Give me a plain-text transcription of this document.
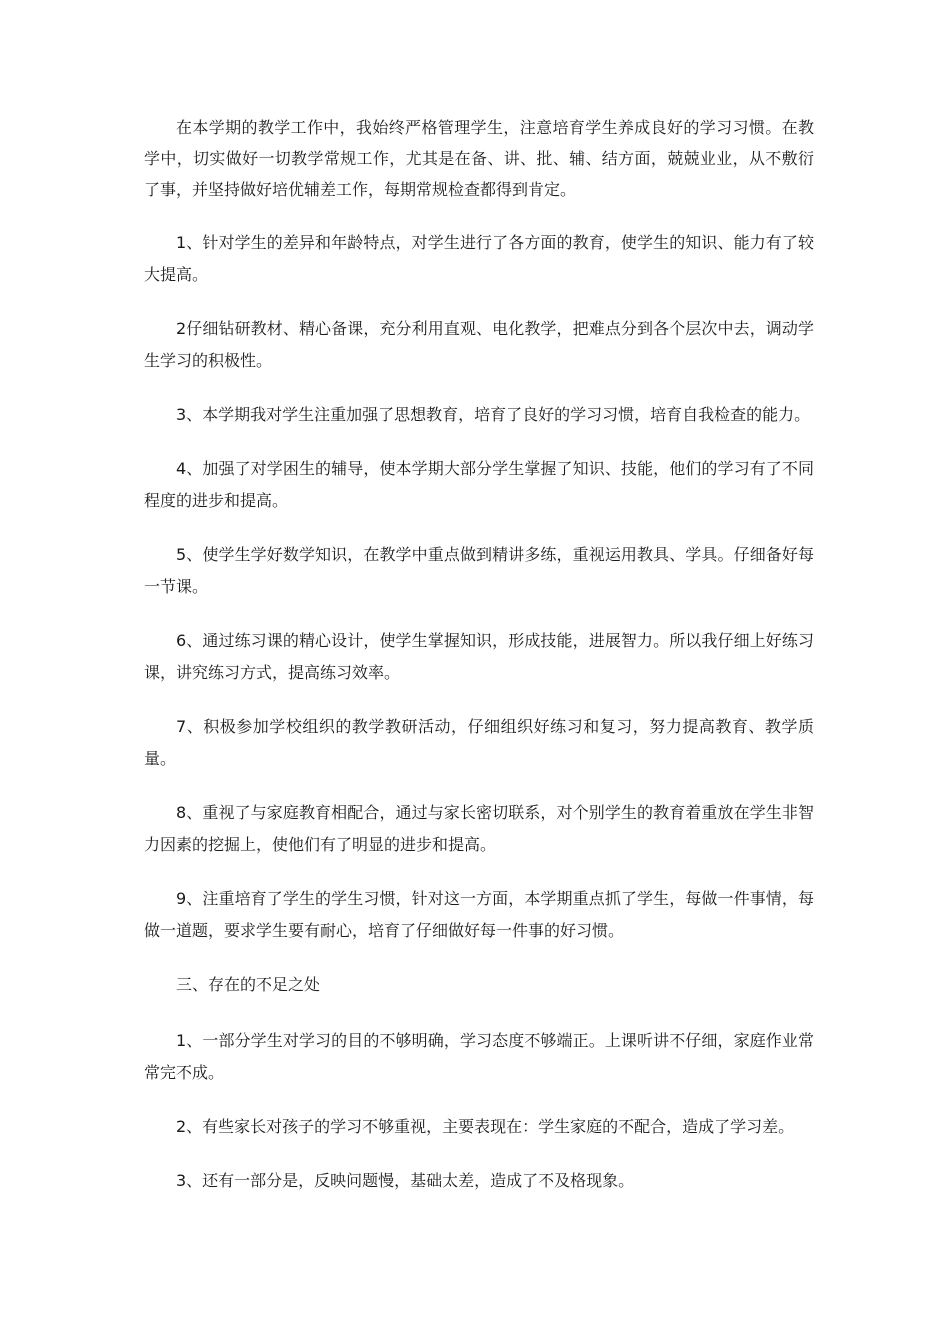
在本学期的教学工作中，我始终严格管理学生，注意培育学生养成良好的学习习惯。在教学中，切实做好一切教学常规工作，尤其是在备、讲、批、辅、结方面，兢兢业业，从不敷衍了事，并坚持做好培优辅差工作，每期常规检查都得到肯定。

1、针对学生的差异和年龄特点，对学生进行了各方面的教育，使学生的知识、能力有了较大提高。

2仔细钻研教材、精心备课，充分利用直观、电化教学，把难点分到各个层次中去，调动学生学习的积极性。

3、本学期我对学生注重加强了思想教育，培育了良好的学习习惯，培育自我检查的能力。

4、加强了对学困生的辅导，使本学期大部分学生掌握了知识、技能，他们的学习有了不同程度的进步和提高。

5、使学生学好数学知识，在教学中重点做到精讲多练，重视运用教具、学具。仔细备好每一节课。

6、通过练习课的精心设计，使学生掌握知识，形成技能，进展智力。所以我仔细上好练习课，讲究练习方式，提高练习效率。

7、积极参加学校组织的教学教研活动，仔细组织好练习和复习，努力提高教育、教学质量。

8、重视了与家庭教育相配合，通过与家长密切联系，对个别学生的教育着重放在学生非智力因素的挖掘上，使他们有了明显的进步和提高。

9、注重培育了学生的学生习惯，针对这一方面，本学期重点抓了学生，每做一件事情，每做一道题，要求学生要有耐心，培育了仔细做好每一件事的好习惯。

三、存在的不足之处

1、一部分学生对学习的目的不够明确，学习态度不够端正。上课听讲不仔细，家庭作业常常完不成。

2、有些家长对孩子的学习不够重视，主要表现在：学生家庭的不配合，造成了学习差。

3、还有一部分是，反映问题慢，基础太差，造成了不及格现象。
